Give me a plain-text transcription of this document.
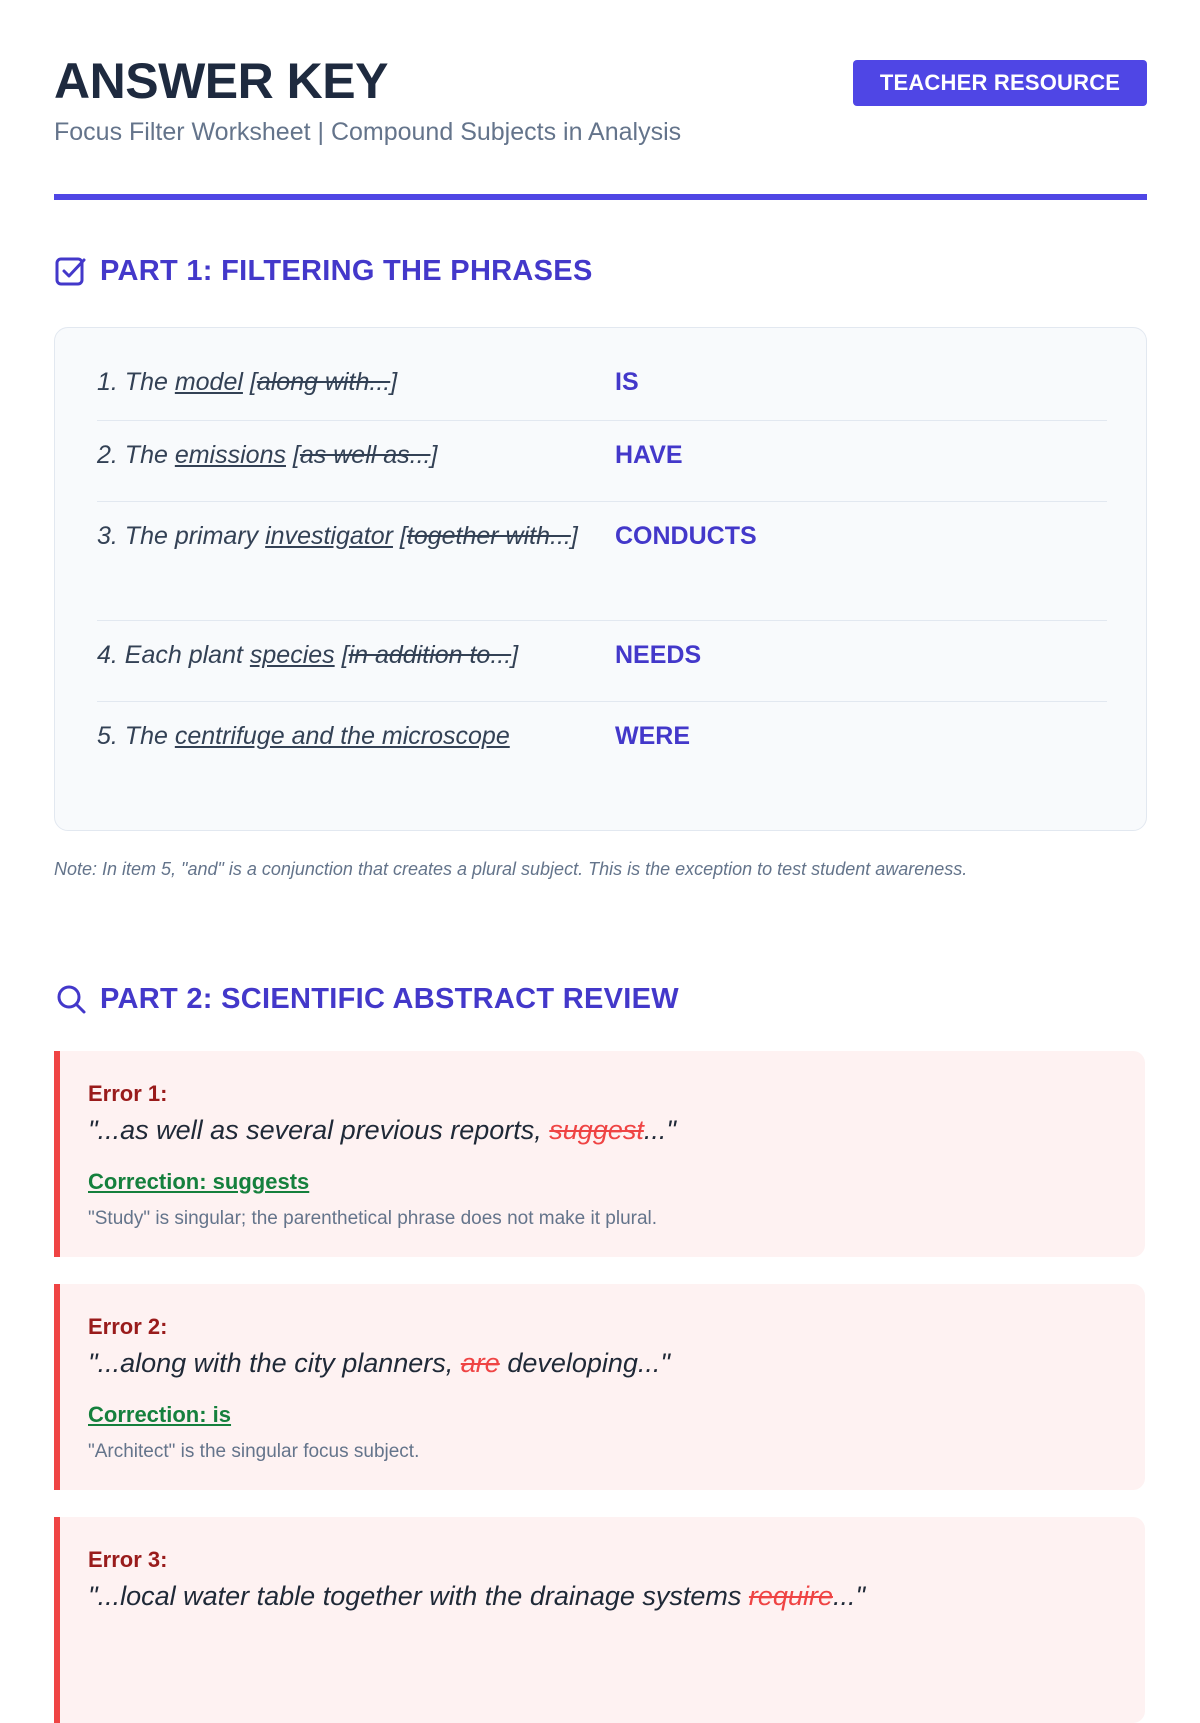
ANSWER KEY
Focus Filter Worksheet | Compound Subjects in Analysis
TEACHER RESOURCE
PART 1: FILTERING THE PHRASES
1. The model [along with...]	IS
2. The emissions [as well as...]	HAVE
3. The primary investigator [together with...]	CONDUCTS
4. Each plant species [in addition to...]	NEEDS
5. The centrifuge and the microscope	WERE
Note: In item 5, "and" is a conjunction that creates a plural subject. This is the exception to test student awareness.
PART 2: SCIENTIFIC ABSTRACT REVIEW
Error 1:
"...as well as several previous reports, suggest..."
Correction: suggests
"Study" is singular; the parenthetical phrase does not make it plural.
Error 2:
"...along with the city planners, are developing..."
Correction: is
"Architect" is the singular focus subject.
Error 3:
"...local water table together with the drainage systems require..."
